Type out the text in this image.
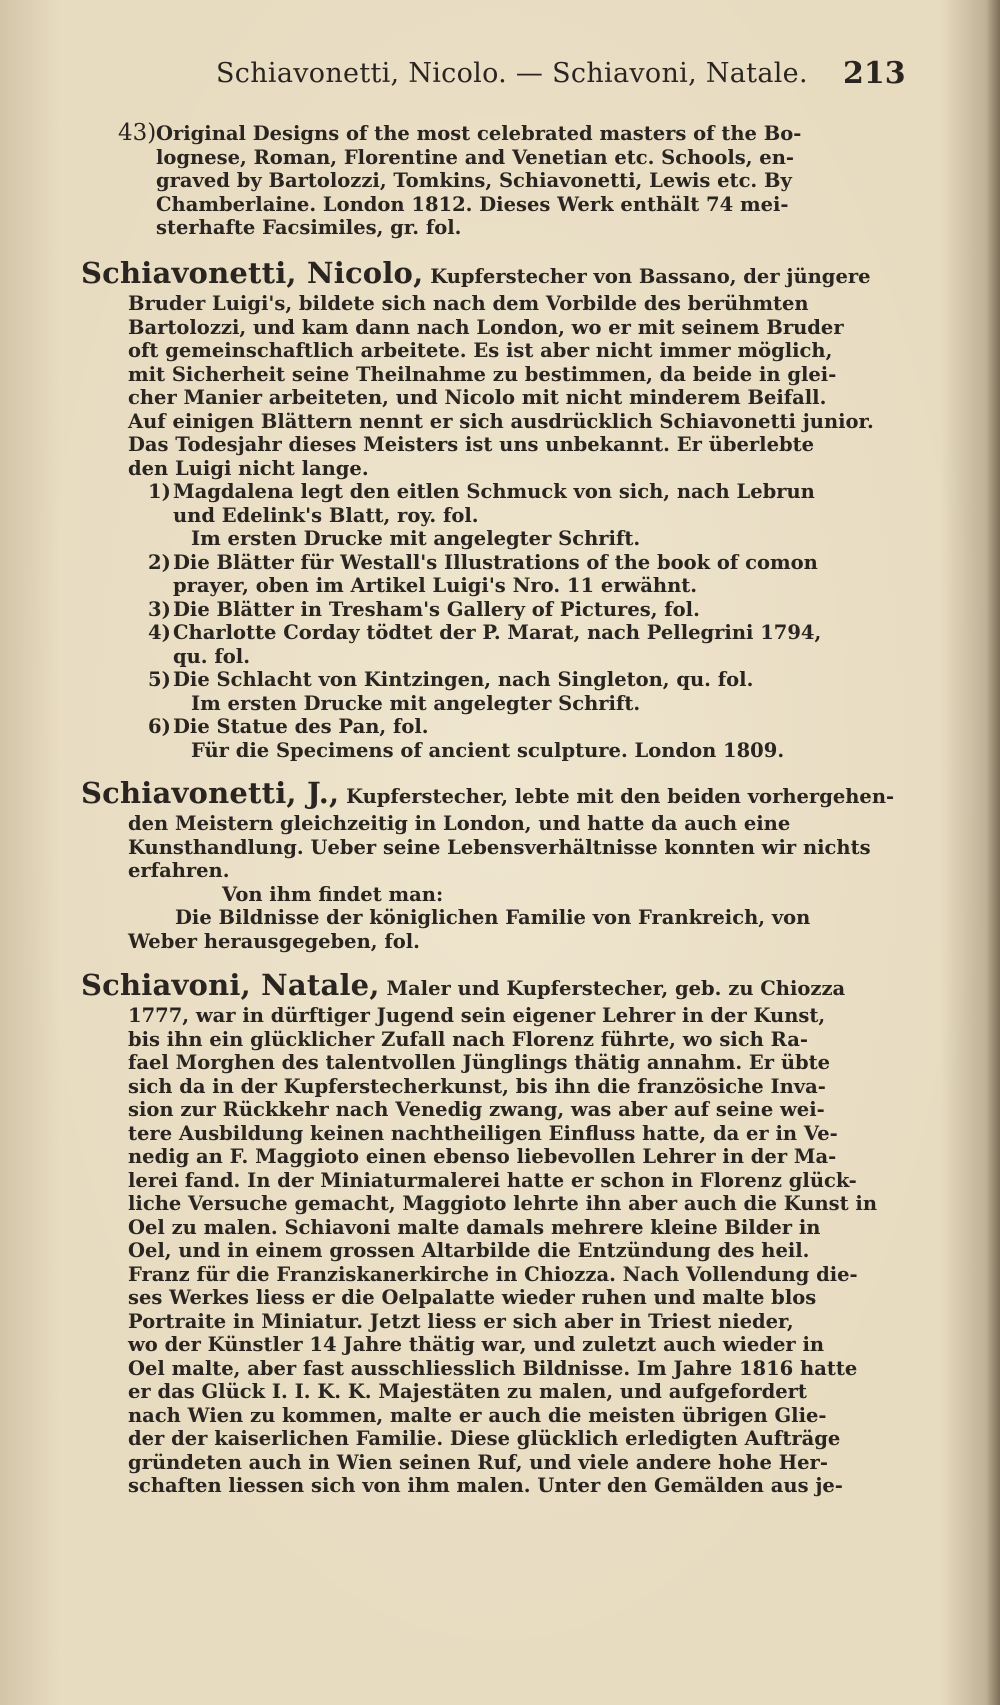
Schiavonetti, Nicolo. — Schiavoni, Natale. 213
43)Original Designs of the most celebrated masters of the Bo-
lognese, Roman, Florentine and Venetian etc. Schools, en-
graved by Bartolozzi, Tomkins, Schiavonetti, Lewis etc. By
Chamberlaine. London 1812. Dieses Werk enthält 74 mei-
sterhafte Facsimiles, gr. fol.
Schiavonetti, Nicolo, Kupferstecher von Bassano, der jüngere
Bruder Luigi's, bildete sich nach dem Vorbilde des berühmten
Bartolozzi, und kam dann nach London, wo er mit seinem Bruder
oft gemeinschaftlich arbeitete. Es ist aber nicht immer möglich,
mit Sicherheit seine Theilnahme zu bestimmen, da beide in glei-
cher Manier arbeiteten, und Nicolo mit nicht minderem Beifall.
Auf einigen Blättern nennt er sich ausdrücklich Schiavonetti junior.
Das Todesjahr dieses Meisters ist uns unbekannt. Er überlebte
den Luigi nicht lange.
1) Magdalena legt den eitlen Schmuck von sich, nach Lebrun
und Edelink's Blatt, roy. fol.
Im ersten Drucke mit angelegter Schrift.
2) Die Blätter für Westall's Illustrations of the book of comon
prayer, oben im Artikel Luigi's Nro. 11 erwähnt.
3) Die Blätter in Tresham's Gallery of Pictures, fol.
4) Charlotte Corday tödtet der P. Marat, nach Pellegrini 1794,
qu. fol.
5) Die Schlacht von Kintzingen, nach Singleton, qu. fol.
Im ersten Drucke mit angelegter Schrift.
6) Die Statue des Pan, fol.
Für die Specimens of ancient sculpture. London 1809.
Schiavonetti, J., Kupferstecher, lebte mit den beiden vorhergehen-
den Meistern gleichzeitig in London, und hatte da auch eine
Kunsthandlung. Ueber seine Lebensverhältnisse konnten wir nichts
erfahren.
Von ihm findet man:
Die Bildnisse der königlichen Familie von Frankreich, von
Weber herausgegeben, fol.
Schiavoni, Natale, Maler und Kupferstecher, geb. zu Chiozza
1777, war in dürftiger Jugend sein eigener Lehrer in der Kunst,
bis ihn ein glücklicher Zufall nach Florenz führte, wo sich Ra-
fael Morghen des talentvollen Jünglings thätig annahm. Er übte
sich da in der Kupferstecherkunst, bis ihn die französiche Inva-
sion zur Rückkehr nach Venedig zwang, was aber auf seine wei-
tere Ausbildung keinen nachtheiligen Einfluss hatte, da er in Ve-
nedig an F. Maggioto einen ebenso liebevollen Lehrer in der Ma-
lerei fand. In der Miniaturmalerei hatte er schon in Florenz glück-
liche Versuche gemacht, Maggioto lehrte ihn aber auch die Kunst in
Oel zu malen. Schiavoni malte damals mehrere kleine Bilder in
Oel, und in einem grossen Altarbilde die Entzündung des heil.
Franz für die Franziskanerkirche in Chiozza. Nach Vollendung die-
ses Werkes liess er die Oelpalatte wieder ruhen und malte blos
Portraite in Miniatur. Jetzt liess er sich aber in Triest nieder,
wo der Künstler 14 Jahre thätig war, und zuletzt auch wieder in
Oel malte, aber fast ausschliesslich Bildnisse. Im Jahre 1816 hatte
er das Glück I. I. K. K. Majestäten zu malen, und aufgefordert
nach Wien zu kommen, malte er auch die meisten übrigen Glie-
der der kaiserlichen Familie. Diese glücklich erledigten Aufträge
gründeten auch in Wien seinen Ruf, und viele andere hohe Her-
schaften liessen sich von ihm malen. Unter den Gemälden aus je-
